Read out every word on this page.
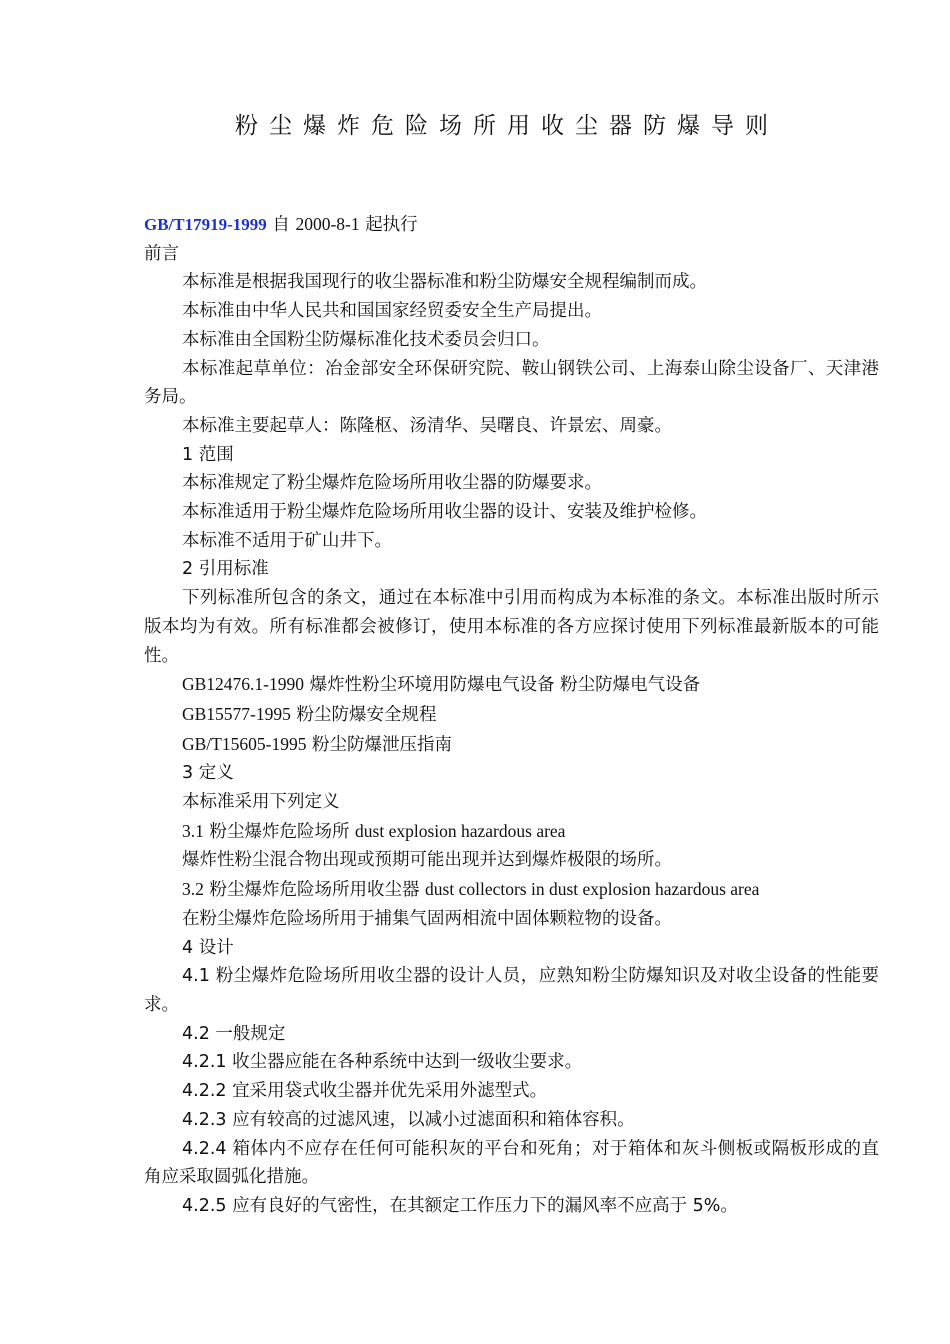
粉尘爆炸危险场所用收尘器防爆导则

GB/T17919-1999 自 2000-8-1 起执行

前言

本标准是根据我国现行的收尘器标准和粉尘防爆安全规程编制而成。

本标准由中华人民共和国国家经贸委安全生产局提出。

本标准由全国粉尘防爆标准化技术委员会归口。

本标准起草单位：冶金部安全环保研究院、鞍山钢铁公司、上海泰山除尘设备厂、天津港务局。

本标准主要起草人：陈隆枢、汤清华、吴曙良、许景宏、周豪。

1 范围

本标准规定了粉尘爆炸危险场所用收尘器的防爆要求。

本标准适用于粉尘爆炸危险场所用收尘器的设计、安装及维护检修。

本标准不适用于矿山井下。

2 引用标准

下列标准所包含的条文，通过在本标准中引用而构成为本标准的条文。本标准出版时所示版本均为有效。所有标准都会被修订，使用本标准的各方应探讨使用下列标准最新版本的可能性。

GB12476.1-1990 爆炸性粉尘环境用防爆电气设备 粉尘防爆电气设备

GB15577-1995 粉尘防爆安全规程

GB/T15605-1995 粉尘防爆泄压指南

3 定义

本标准采用下列定义

3.1 粉尘爆炸危险场所 dust explosion hazardous area

爆炸性粉尘混合物出现或预期可能出现并达到爆炸极限的场所。

3.2 粉尘爆炸危险场所用收尘器 dust collectors in dust explosion hazardous area

在粉尘爆炸危险场所用于捕集气固两相流中固体颗粒物的设备。

4 设计

4.1 粉尘爆炸危险场所用收尘器的设计人员，应熟知粉尘防爆知识及对收尘设备的性能要求。

4.2 一般规定

4.2.1 收尘器应能在各种系统中达到一级收尘要求。

4.2.2 宜采用袋式收尘器并优先采用外滤型式。

4.2.3 应有较高的过滤风速，以减小过滤面积和箱体容积。

4.2.4 箱体内不应存在任何可能积灰的平台和死角；对于箱体和灰斗侧板或隔板形成的直角应采取圆弧化措施。

4.2.5 应有良好的气密性，在其额定工作压力下的漏风率不应高于 5%。
